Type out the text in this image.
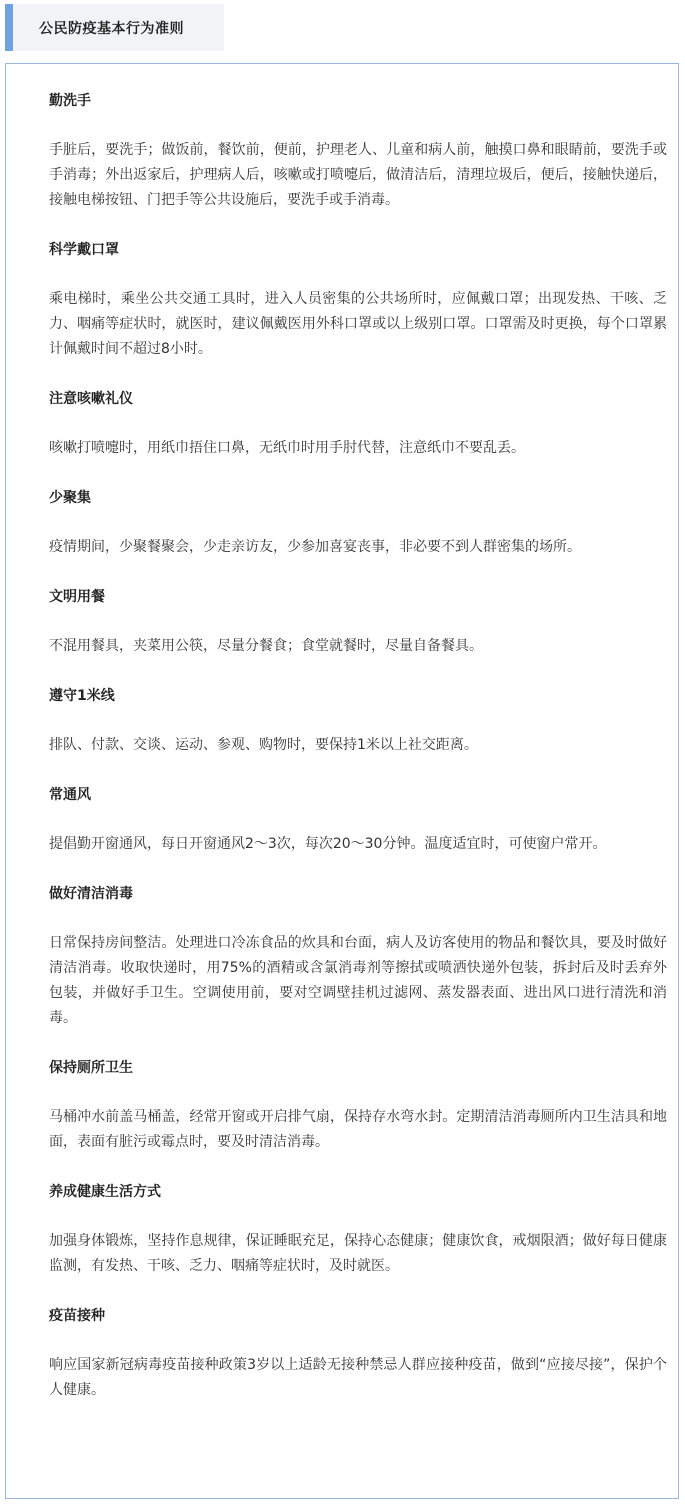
公民防疫基本行为准则
勤洗手

手脏后，要洗手；做饭前，餐饮前，便前，护理老人、儿童和病人前，触摸口鼻和眼睛前，要洗手或手消毒；外出返家后，护理病人后，咳嗽或打喷嚏后，做清洁后，清理垃圾后，便后，接触快递后，接触电梯按钮、门把手等公共设施后，要洗手或手消毒。

科学戴口罩

乘电梯时，乘坐公共交通工具时，进入人员密集的公共场所时，应佩戴口罩；出现发热、干咳、乏力、咽痛等症状时，就医时，建议佩戴医用外科口罩或以上级别口罩。口罩需及时更换，每个口罩累计佩戴时间不超过8小时。

注意咳嗽礼仪

咳嗽打喷嚏时，用纸巾捂住口鼻，无纸巾时用手肘代替，注意纸巾不要乱丢。

少聚集

疫情期间，少聚餐聚会，少走亲访友，少参加喜宴丧事，非必要不到人群密集的场所。

文明用餐

不混用餐具，夹菜用公筷，尽量分餐食；食堂就餐时，尽量自备餐具。

遵守1米线

排队、付款、交谈、运动、参观、购物时，要保持1米以上社交距离。

常通风

提倡勤开窗通风，每日开窗通风2～3次，每次20～30分钟。温度适宜时，可使窗户常开。

做好清洁消毒

日常保持房间整洁。处理进口冷冻食品的炊具和台面，病人及访客使用的物品和餐饮具，要及时做好清洁消毒。收取快递时，用75%的酒精或含氯消毒剂等擦拭或喷洒快递外包装，拆封后及时丢弃外包装，并做好手卫生。空调使用前，要对空调壁挂机过滤网、蒸发器表面、进出风口进行清洗和消毒。

保持厕所卫生

马桶冲水前盖马桶盖，经常开窗或开启排气扇，保持存水弯水封。定期清洁消毒厕所内卫生洁具和地面，表面有脏污或霉点时，要及时清洁消毒。

养成健康生活方式

加强身体锻炼，坚持作息规律，保证睡眠充足，保持心态健康；健康饮食，戒烟限酒；做好每日健康监测，有发热、干咳、乏力、咽痛等症状时，及时就医。

疫苗接种

响应国家新冠病毒疫苗接种政策3岁以上适龄无接种禁忌人群应接种疫苗，做到“应接尽接”，保护个人健康。
